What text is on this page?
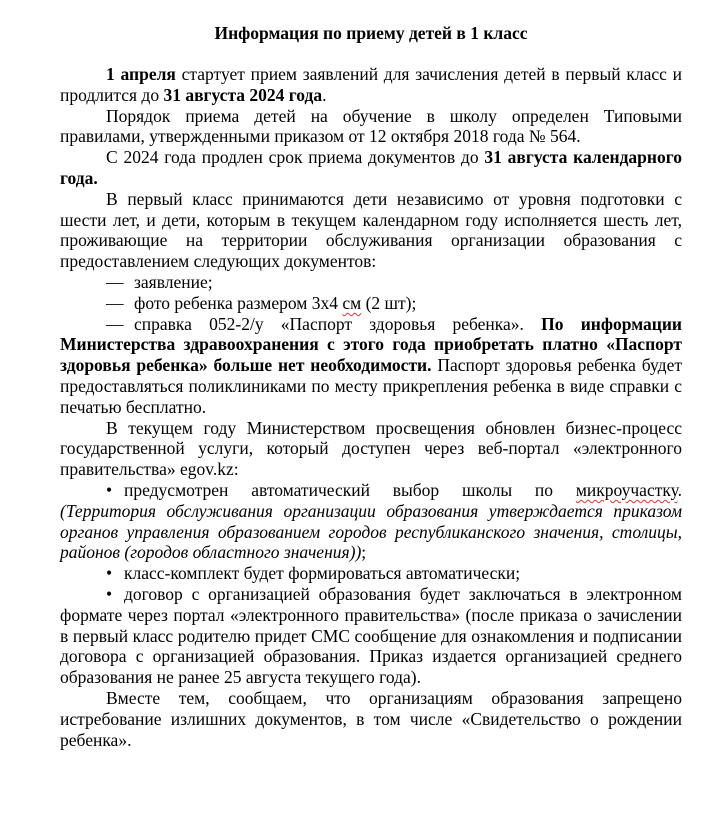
Информация по приему детей в 1 класс

1 апреля стартует прием заявлений для зачисления детей в первый класс и продлится до 31 августа 2024 года.

Порядок приема детей на обучение в школу определен Типовыми правилами, утвержденными приказом от 12 октября 2018 года № 564.

С 2024 года продлен срок приема документов до 31 августа календарного года.

В первый класс принимаются дети независимо от уровня подготовки с шести лет, и дети, которым в текущем календарном году исполняется шесть лет, проживающие на территории обслуживания организации образования с предоставлением следующих документов:

— заявление;

— фото ребенка размером 3х4 см (2 шт);

— справка 052-2/у «Паспорт здоровья ребенка». По информации Министерства здравоохранения с этого года приобретать платно «Паспорт здоровья ребенка» больше нет необходимости. Паспорт здоровья ребенка будет предоставляться поликлиниками по месту прикрепления ребенка в виде справки с печатью бесплатно.

В текущем году Министерством просвещения обновлен бизнес-процесс государственной услуги, который доступен через веб-портал «электронного правительства» egov.kz:

• предусмотрен автоматический выбор школы по микроучастку. (Территория обслуживания организации образования утверждается приказом органов управления образованием городов республиканского значения, столицы, районов (городов областного значения));

• класс-комплект будет формироваться автоматически;

• договор с организацией образования будет заключаться в электронном формате через портал «электронного правительства» (после приказа о зачислении в первый класс родителю придет СМС сообщение для ознакомления и подписании договора с организацией образования. Приказ издается организацией среднего образования не ранее 25 августа текущего года).

Вместе тем, сообщаем, что организациям образования запрещено истребование излишних документов, в том числе «Свидетельство о рождении ребенка».
